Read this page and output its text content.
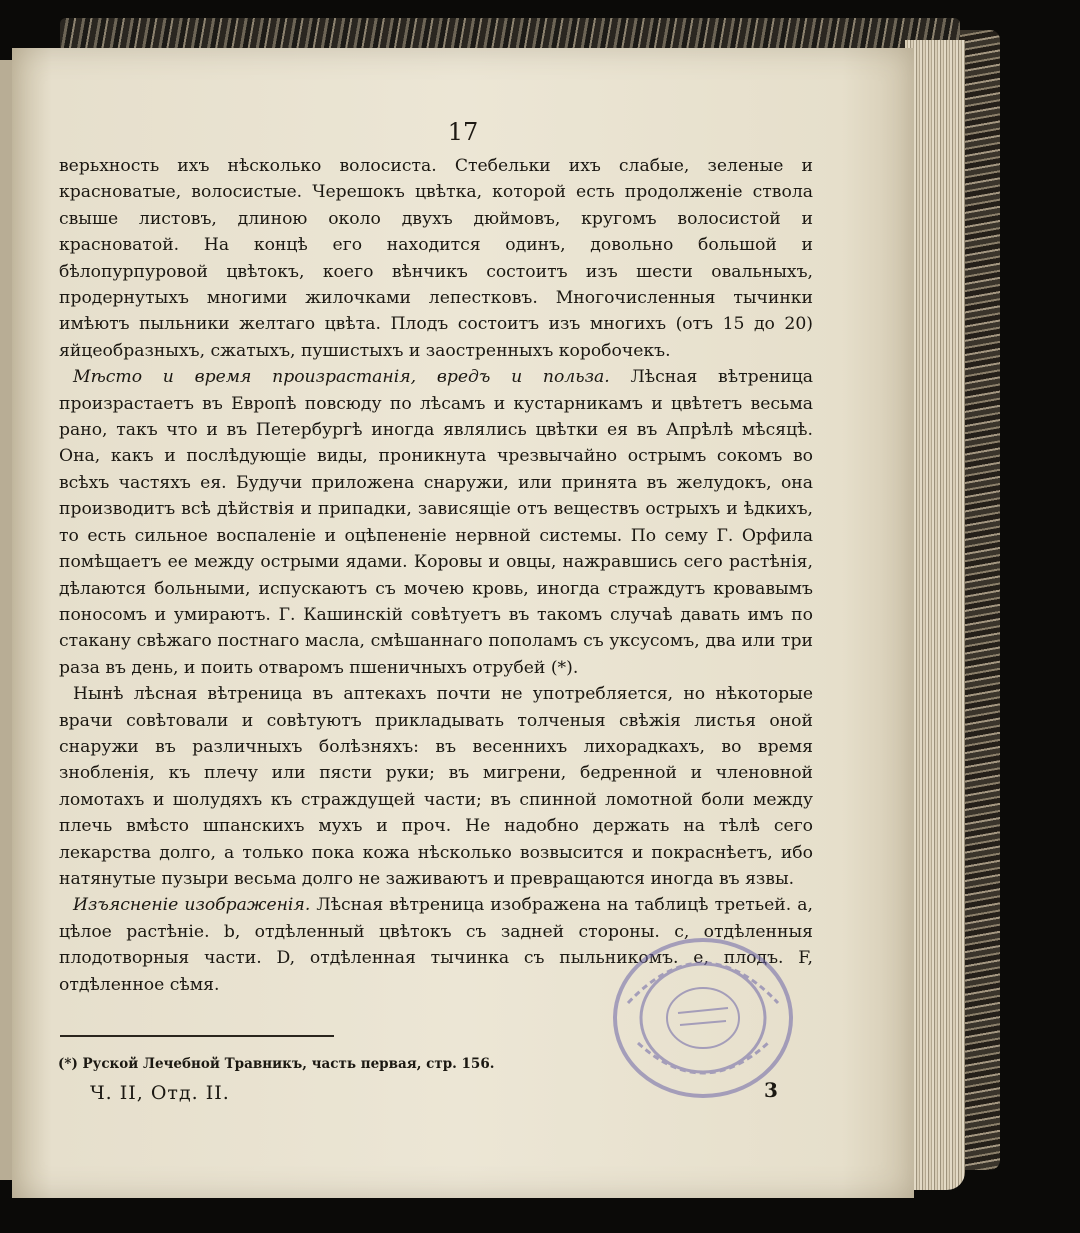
17

верьхность ихъ нѣсколько волосиста. Стебельки ихъ слабые, зеленые и красноватые, волосистые. Черешокъ цвѣтка, которой есть продолженіе ствола свыше листовъ, длиною около двухъ дюймовъ, кругомъ волосистой и красноватой. На концѣ его находится одинъ, довольно большой и бѣлопурпуровой цвѣтокъ, коего вѣнчикъ состоитъ изъ шести овальныхъ, продернутыхъ многими жилочками лепестковъ. Многочисленныя тычинки имѣютъ пыльники желтаго цвѣта. Плодъ состоитъ изъ многихъ (отъ 15 до 20) яйцеобразныхъ, сжатыхъ, пушистыхъ и заостренныхъ коробочекъ.

Мѣсто и время произрастанія, вредъ и польза. Лѣсная вѣтреница произрастаетъ въ Европѣ повсюду по лѣсамъ и кустарникамъ и цвѣтетъ весьма рано, такъ что и въ Петербургѣ иногда являлись цвѣтки ея въ Апрѣлѣ мѣсяцѣ. Она, какъ и послѣдующіе виды, проникнута чрезвычайно острымъ сокомъ во всѣхъ частяхъ ея. Будучи приложена снаружи, или принята въ желудокъ, она производитъ всѣ дѣйствія и припадки, зависящіе отъ веществъ острыхъ и ѣдкихъ, то есть сильное воспаленіе и оцѣпененіе нервной системы. По сему Г. Орфила помѣщаетъ ее между острыми ядами. Коровы и овцы, нажравшись сего растѣнія, дѣлаются больными, испускаютъ съ мочею кровь, иногда страждутъ кровавымъ поносомъ и умираютъ. Г. Кашинскій совѣтуетъ въ такомъ случаѣ давать имъ по стакану свѣжаго постнаго масла, смѣшаннаго пополамъ съ уксусомъ, два или три раза въ день, и поить отваромъ пшеничныхъ отрубей (*).

Нынѣ лѣсная вѣтреница въ аптекахъ почти не употребляется, но нѣкоторые врачи совѣтовали и совѣтуютъ прикладывать толченыя свѣжія листья оной снаружи въ различныхъ болѣзняхъ: въ весеннихъ лихорадкахъ, во время знобленія, къ плечу или пясти руки; въ мигрени, бедренной и членовной ломотахъ и шолудяхъ къ страждущей части; въ спинной ломотной боли между плечь вмѣсто шпанскихъ мухъ и проч. Не надобно держать на тѣлѣ сего лекарства долго, а только пока кожа нѣсколько возвысится и покраснѣетъ, ибо натянутые пузыри весьма долго не заживаютъ и превращаются иногда въ язвы.

Изъясненіе изображенія. Лѣсная вѣтреница изображена на таблицѣ третьей. a, цѣлое растѣніе. b, отдѣленный цвѣтокъ съ задней стороны. c, отдѣленныя плодотворныя части. D, отдѣленная тычинка съ пыльникомъ. e, плодъ. F, отдѣленное сѣмя.

(*) Руской Лечебной Травникъ, часть первая, стр. 156.
Ч. II, Отд. II.	3
